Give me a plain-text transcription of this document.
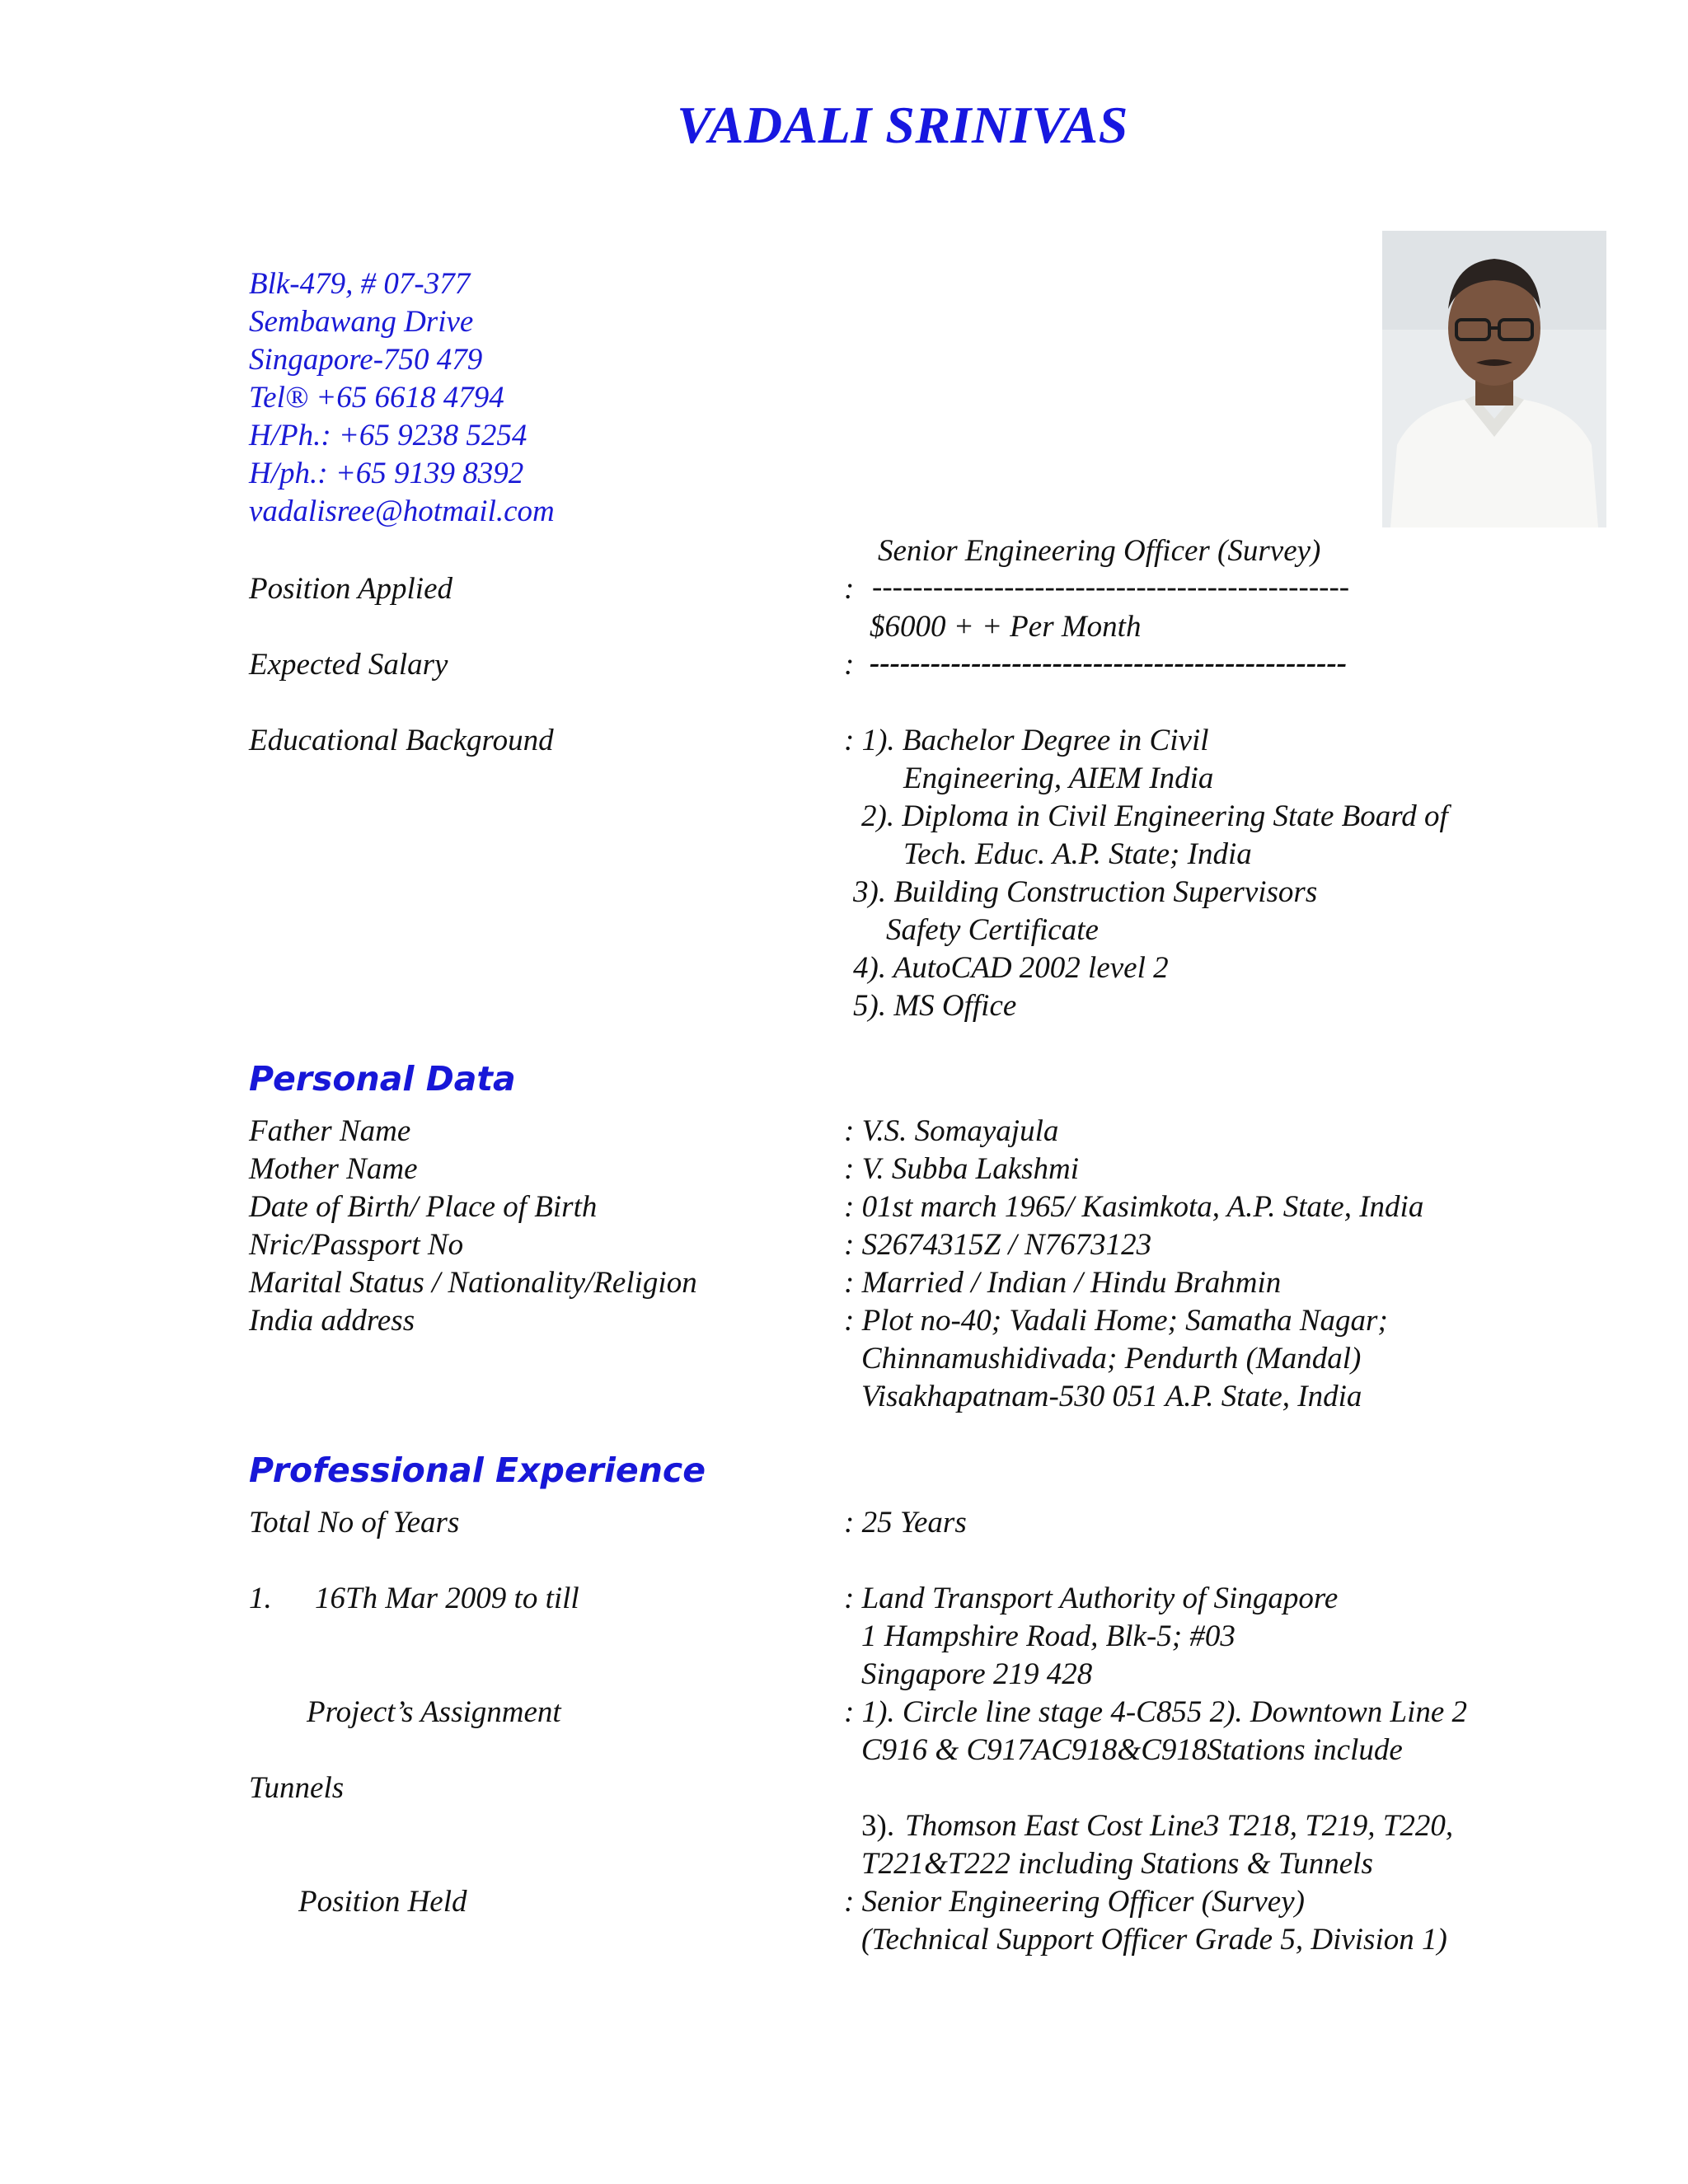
VADALI SRINIVAS
Blk-479, # 07-377
Sembawang Drive
Singapore-750 479
Tel® +65 6618 4794
H/Ph.: +65 9238 5254
H/ph.: +65 9139 8392
vadalisree@hotmail.com
Senior Engineering Officer (Survey)
Position Applied	: -----------------------------------------------
$6000 + + Per Month
Expected Salary	: -----------------------------------------------
Educational Background	: 1). Bachelor Degree in Civil
Engineering, AIEM India
2). Diploma in Civil Engineering State Board of
Tech. Educ. A.P. State; India
3). Building Construction Supervisors
Safety Certificate
4). AutoCAD 2002 level 2
5). MS Office
Personal Data
Father Name	: V.S. Somayajula
Mother Name	: V. Subba Lakshmi
Date of Birth/ Place of Birth	: 01st march 1965/ Kasimkota, A.P. State, India
Nric/Passport No	: S2674315Z / N7673123
Marital Status / Nationality/Religion	: Married / Indian / Hindu Brahmin
India address	: Plot no-40; Vadali Home; Samatha Nagar;
Chinnamushidivada; Pendurth (Mandal)
Visakhapatnam-530 051 A.P. State, India
Professional Experience
Total No of Years	: 25 Years
1. 16Th Mar 2009 to till	: Land Transport Authority of Singapore
1 Hampshire Road, Blk-5; #03
Singapore 219 428
Project’s Assignment	: 1). Circle line stage 4-C855 2). Downtown Line 2
C916 & C917AC918&C918Stations include
Tunnels
3). Thomson East Cost Line3 T218, T219, T220,
T221&T222 including Stations & Tunnels
Position Held	: Senior Engineering Officer (Survey)
(Technical Support Officer Grade 5, Division 1)
